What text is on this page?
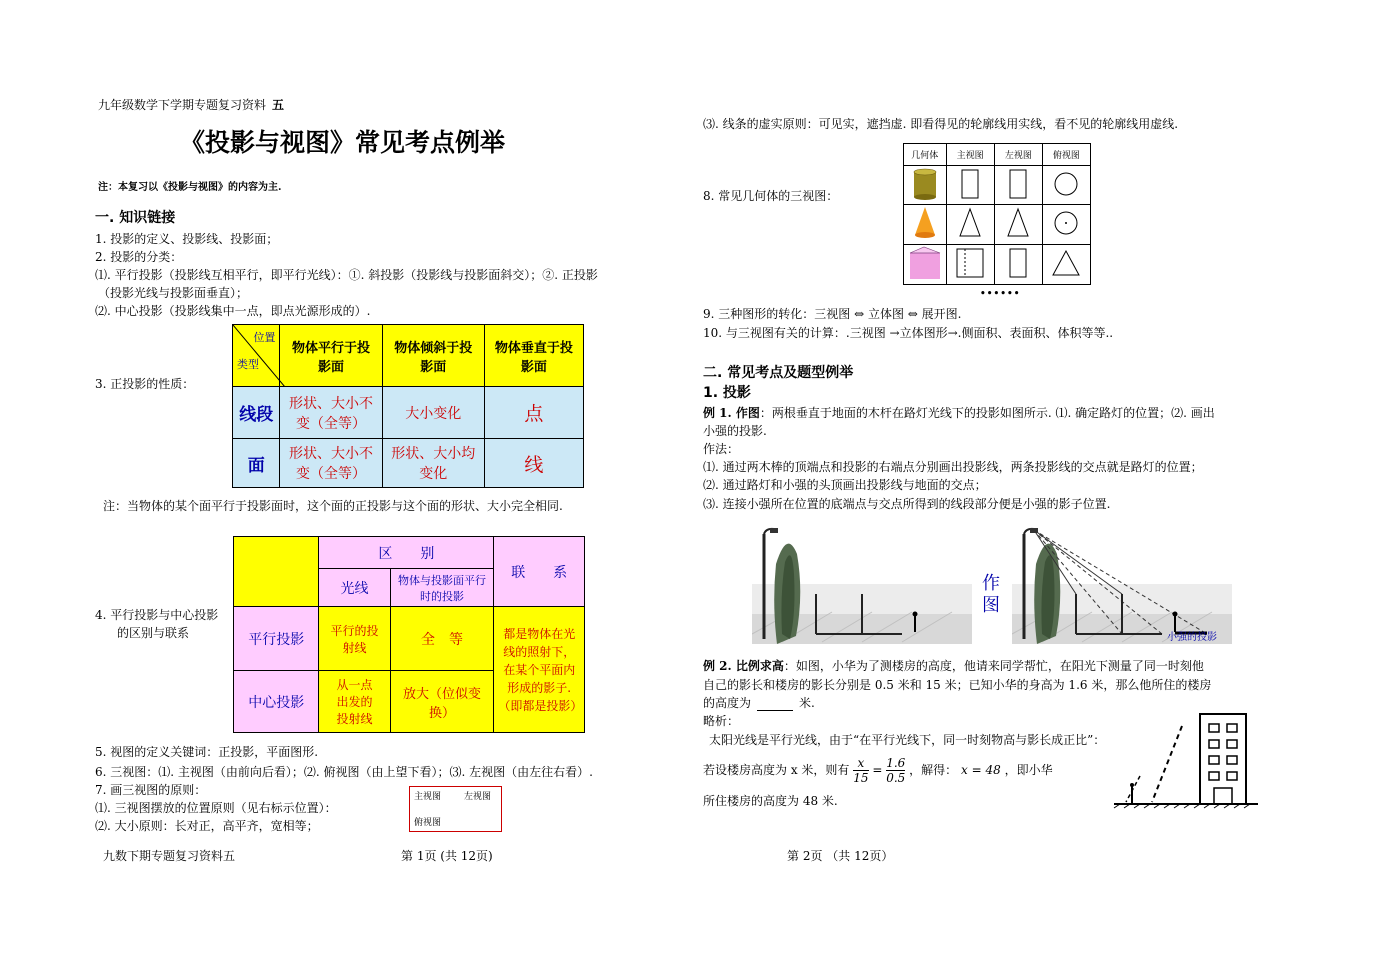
九年级数学下学期专题复习资料 五
《投影与视图》常见考点例举
注：本复习以《投影与视图》的内容为主.
一. 知识链接
1. 投影的定义、投影线、投影面；
2. 投影的分类：
⑴. 平行投影（投影线互相平行，即平行光线）：①. 斜投影（投影线与投影面斜交）；②. 正投影
（投影光线与投影面垂直）；
⑵. 中心投影（投影线集中一点，即点光源形成的）.
3. 正投影的性质：
位置
类型	物体平行于投影面	物体倾斜于投影面	物体垂直于投影面
线段	形状、大小不变（全等）	大小变化	点
面	形状、大小不变（全等）	形状、大小均变化	线
注：当物体的某个面平行于投影面时，这个面的正投影与这个面的形状、大小完全相同.
4. 平行投影与中心投影
的区别与联系
	区　　别		联　　系
	光线	物体与投影面平行时的投影	
平行投影	平行的投射线	全　等	都是物体在光线的照射下，在某个平面内形成的影子.（即都是投影）
中心投影	从一点出发的投射线	放大（位似变换）	
5. 视图的定义关键词：正投影，平面图形.
6. 三视图：⑴. 主视图（由前向后看）；⑵. 俯视图（由上望下看）；⑶. 左视图（由左往右看）.
7. 画三视图的原则：
⑴. 三视图摆放的位置原则（见右标示位置）：
⑵. 大小原则：长对正，高平齐，宽相等；
主视图	左视图
俯视图
九数下期专题复习资料五	第 1页 (共 12页)
⑶. 线条的虚实原则：可见实，遮挡虚. 即看得见的轮廓线用实线，看不见的轮廓线用虚线.
8. 常见几何体的三视图：
几何体	主视图	左视图	俯视图

••••••
9. 三种图形的转化：三视图 ⇔ 立体图 ⇔ 展开图.
10. 与三视图有关的计算：.三视图 →立体图形→.侧面积、表面积、体积等等..
二. 常见考点及题型例举
1. 投影
例 1. 作图：两根垂直于地面的木杆在路灯光线下的投影如图所示. ⑴. 确定路灯的位置；⑵. 画出
小强的投影.
作法：
⑴. 通过两木棒的顶端点和投影的右端点分别画出投影线，两条投影线的交点就是路灯的位置；
⑵. 通过路灯和小强的头顶画出投影线与地面的交点；
⑶. 连接小强所在位置的底端点与交点所得到的线段部分便是小强的影子位置.
作图
小强的投影
例 2. 比例求高：如图，小华为了测楼房的高度，他请来同学帮忙，在阳光下测量了同一时刻他
自己的影长和楼房的影长分别是 0.5 米和 15 米；已知小华的身高为 1.6 米，那么他所住的楼房
的高度为	米.
略析：
太阳光线是平行光线，由于“在平行光线下，同一时刻物高与影长成正比”：
若设楼房高度为 x 米，则有 $\frac{x}{15} = \frac{1.6}{0.5}$ ，解得： x = 48 ，即小华
所住楼房的高度为 48 米.
第 2页 （共 12页）
